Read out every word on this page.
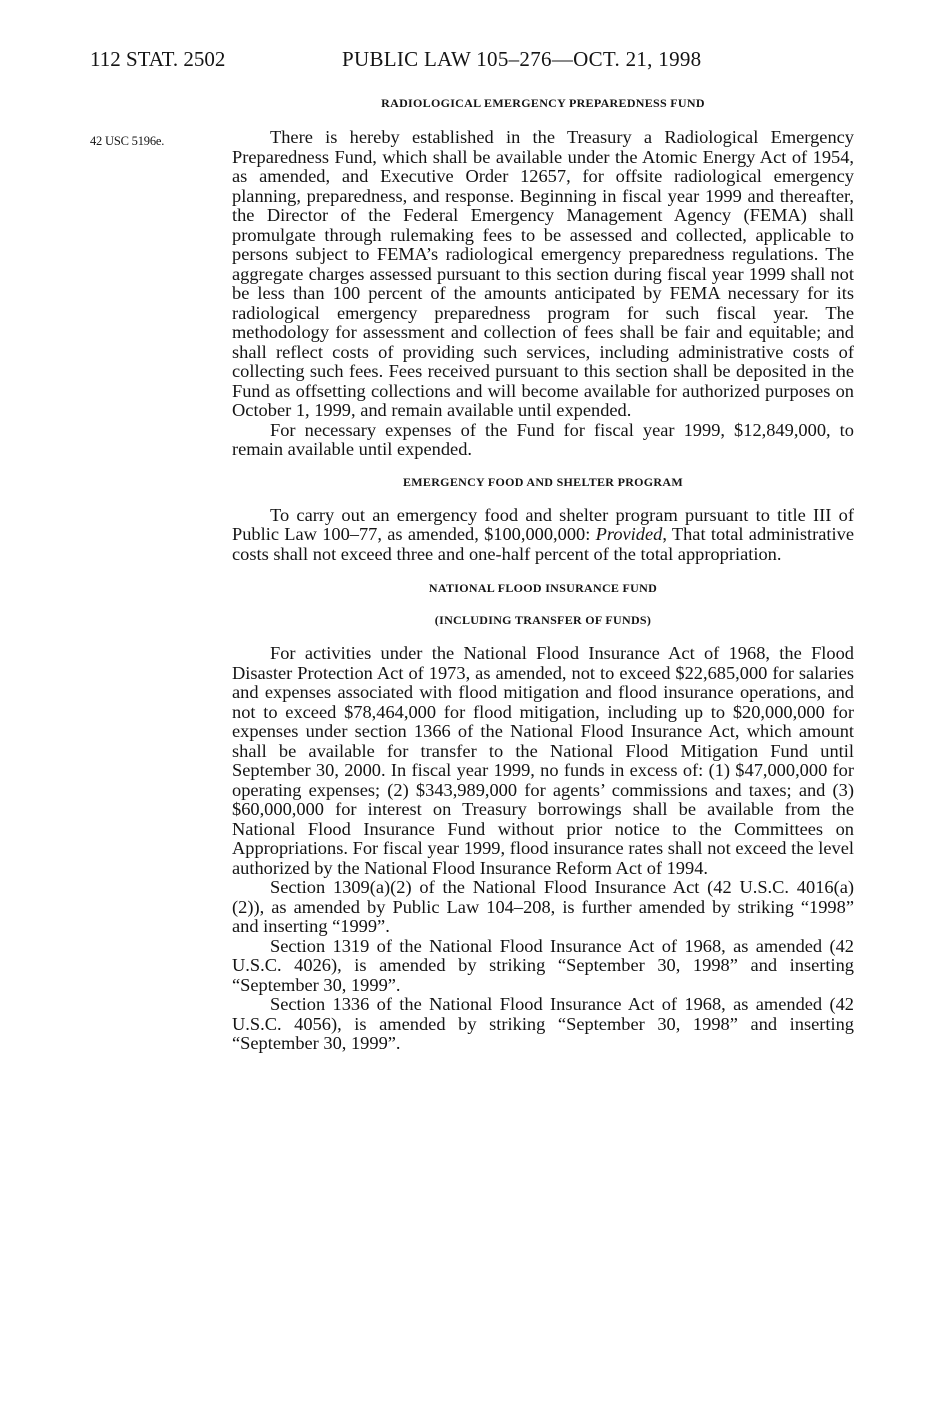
112 STAT. 2502	PUBLIC LAW 105–276—OCT. 21, 1998
42 USC 5196e.
RADIOLOGICAL EMERGENCY PREPAREDNESS FUND

There is hereby established in the Treasury a Radiological Emergency Preparedness Fund, which shall be available under the Atomic Energy Act of 1954, as amended, and Executive Order 12657, for offsite radiological emergency planning, preparedness, and response. Beginning in fiscal year 1999 and thereafter, the Director of the Federal Emergency Management Agency (FEMA) shall promulgate through rulemaking fees to be assessed and collected, applicable to persons subject to FEMA’s radiological emergency preparedness regulations. The aggregate charges assessed pursuant to this section during fiscal year 1999 shall not be less than 100 percent of the amounts anticipated by FEMA necessary for its radiological emergency preparedness program for such fiscal year. The methodology for assessment and collection of fees shall be fair and equitable; and shall reflect costs of providing such services, including administrative costs of collecting such fees. Fees received pursuant to this section shall be deposited in the Fund as offsetting collections and will become available for authorized purposes on October 1, 1999, and remain available until expended.

For necessary expenses of the Fund for fiscal year 1999, $12,849,000, to remain available until expended.

EMERGENCY FOOD AND SHELTER PROGRAM

To carry out an emergency food and shelter program pursuant to title III of Public Law 100–77, as amended, $100,000,000: Provided, That total administrative costs shall not exceed three and one-half percent of the total appropriation.

NATIONAL FLOOD INSURANCE FUND
(INCLUDING TRANSFER OF FUNDS)

For activities under the National Flood Insurance Act of 1968, the Flood Disaster Protection Act of 1973, as amended, not to exceed $22,685,000 for salaries and expenses associated with flood mitigation and flood insurance operations, and not to exceed $78,464,000 for flood mitigation, including up to $20,000,000 for expenses under section 1366 of the National Flood Insurance Act, which amount shall be available for transfer to the National Flood Mitigation Fund until September 30, 2000. In fiscal year 1999, no funds in excess of: (1) $47,000,000 for operating expenses; (2) $343,989,000 for agents’ commissions and taxes; and (3) $60,000,000 for interest on Treasury borrowings shall be available from the National Flood Insurance Fund without prior notice to the Committees on Appropriations. For fiscal year 1999, flood insurance rates shall not exceed the level authorized by the National Flood Insurance Reform Act of 1994.

Section 1309(a)(2) of the National Flood Insurance Act (42 U.S.C. 4016(a)(2)), as amended by Public Law 104–208, is further amended by striking “1998” and inserting “1999”.

Section 1319 of the National Flood Insurance Act of 1968, as amended (42 U.S.C. 4026), is amended by striking “September 30, 1998” and inserting “September 30, 1999”.

Section 1336 of the National Flood Insurance Act of 1968, as amended (42 U.S.C. 4056), is amended by striking “September 30, 1998” and inserting “September 30, 1999”.
